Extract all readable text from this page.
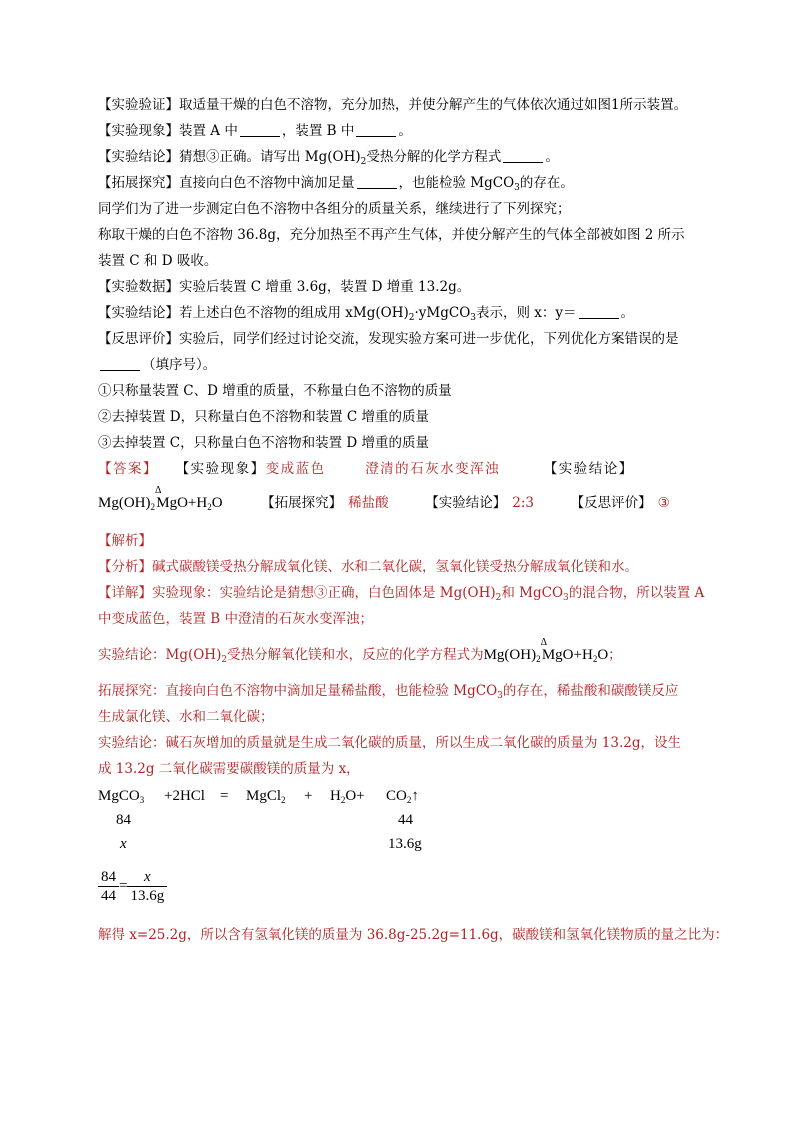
【实验验证】取适量干燥的白色不溶物，充分加热，并使分解产生的气体依次通过如图1所示装置。
【实验现象】装置 A 中	，装置 B 中	。
【实验结论】猜想③正确。请写出 $Mg(OH)_2$受热分解的化学方程式	。
【拓展探究】直接向白色不溶物中滴加足量	，也能检验 MgCO$_3$的存在。
同学们为了进一步测定白色不溶物中各组分的质量关系，继续进行了下列探究；
称取干燥的白色不溶物 36.8g，充分加热至不再产生气体，并使分解产生的气体全部被如图 2 所示
装置 C 和 D 吸收。
【实验数据】实验后装置 C 增重 3.6g，装置 D 增重 13.2g。
【实验结论】若上述白色不溶物的组成用 $xMg(OH)_2\cdot yMgCO_3$表示，则 x：y＝	。
【反思评价】实验后，同学们经过讨论交流，发现实验方案可进一步优化，下列优化方案错误的是
（填序号）。
①只称量装置 C、D 增重的质量，不称量白色不溶物的质量
②去掉装置 D，只称量白色不溶物和装置 C 增重的质量
③去掉装置 C，只称量白色不溶物和装置 D 增重的质量
【答案】 【实验现象】变成蓝色	澄清的石灰水变浑浊	【实验结论】
$Mg(OH)_2$
Δ
 $MgO+H_2O$	【拓展探究】 稀盐酸	【实验结论】 2:3	【反思评价】 ③
【解析】
【分析】碱式碳酸镁受热分解成氧化镁、水和二氧化碳，氢氧化镁受热分解成氧化镁和水。
【详解】实验现象：实验结论是猜想③正确，白色固体是 $Mg(OH)_2$和 MgCO$_3$的混合物，所以装置 A
中变成蓝色，装置 B 中澄清的石灰水变浑浊；
实验结论：$Mg(OH)_2$受热分解氧化镁和水，反应的化学方程式为$Mg(OH)_2$
Δ
 $MgO+H_2O$；
拓展探究：直接向白色不溶物中滴加足量稀盐酸，也能检验 MgCO$_3$的存在，稀盐酸和碳酸镁反应
生成氯化镁、水和二氧化碳；
实验结论：碱石灰增加的质量就是生成二氧化碳的质量，所以生成二氧化碳的质量为 13.2g，设生
成 13.2g 二氧化碳需要碳酸镁的质量为 x，
MgCO$_3$ +2HCl = MgCl$_2$ + $H_2O+$ $CO_2↑$
84	44
x	13.6g
$\frac{84}{44} = \frac{x}{13.6g}$
解得 x=25.2g，所以含有氢氧化镁的质量为 36.8g-25.2g=11.6g，碳酸镁和氢氧化镁物质的量之比为：
